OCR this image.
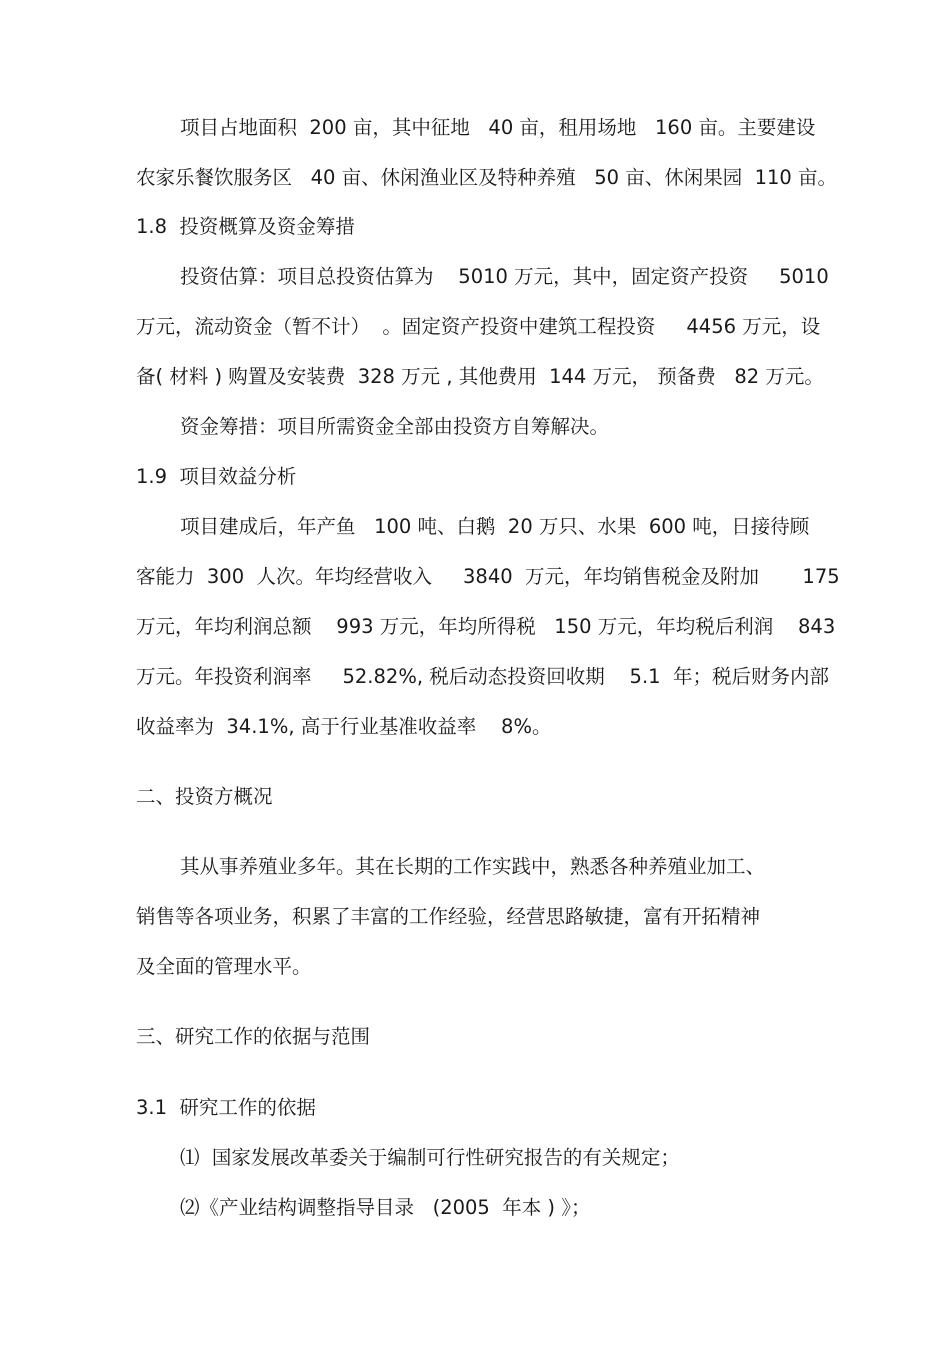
项目占地面积  200 亩，其中征地   40 亩，租用场地   160 亩。主要建设
农家乐餐饮服务区   40 亩、休闲渔业区及特种养殖   50 亩、休闲果园  110 亩。
1.8  投资概算及资金筹措
投资估算：项目总投资估算为    5010 万元，其中，固定资产投资     5010
万元，流动资金（暂不计）  。固定资产投资中建筑工程投资     4456 万元，设
备( 材料 ) 购置及安装费  328 万元 , 其他费用  144 万元， 预备费   82 万元。
资金筹措：项目所需资金全部由投资方自筹解决。
1.9  项目效益分析
项目建成后，年产鱼   100 吨、白鹅  20 万只、水果  600 吨，日接待顾
客能力  300  人次。年均经营收入     3840  万元，年均销售税金及附加       175
万元，年均利润总额    993 万元，年均所得税   150 万元，年均税后利润    843
万元。年投资利润率     52.82%, 税后动态投资回收期    5.1  年；税后财务内部
收益率为  34.1%, 高于行业基准收益率    8%。
二、投资方概况
其从事养殖业多年。其在长期的工作实践中，熟悉各种养殖业加工、
销售等各项业务，积累了丰富的工作经验，经营思路敏捷，富有开拓精神
及全面的管理水平。
三、研究工作的依据与范围
3.1  研究工作的依据
⑴  国家发展改革委关于编制可行性研究报告的有关规定；
⑵《产业结构调整指导目录   (2005  年本 ) 》；
